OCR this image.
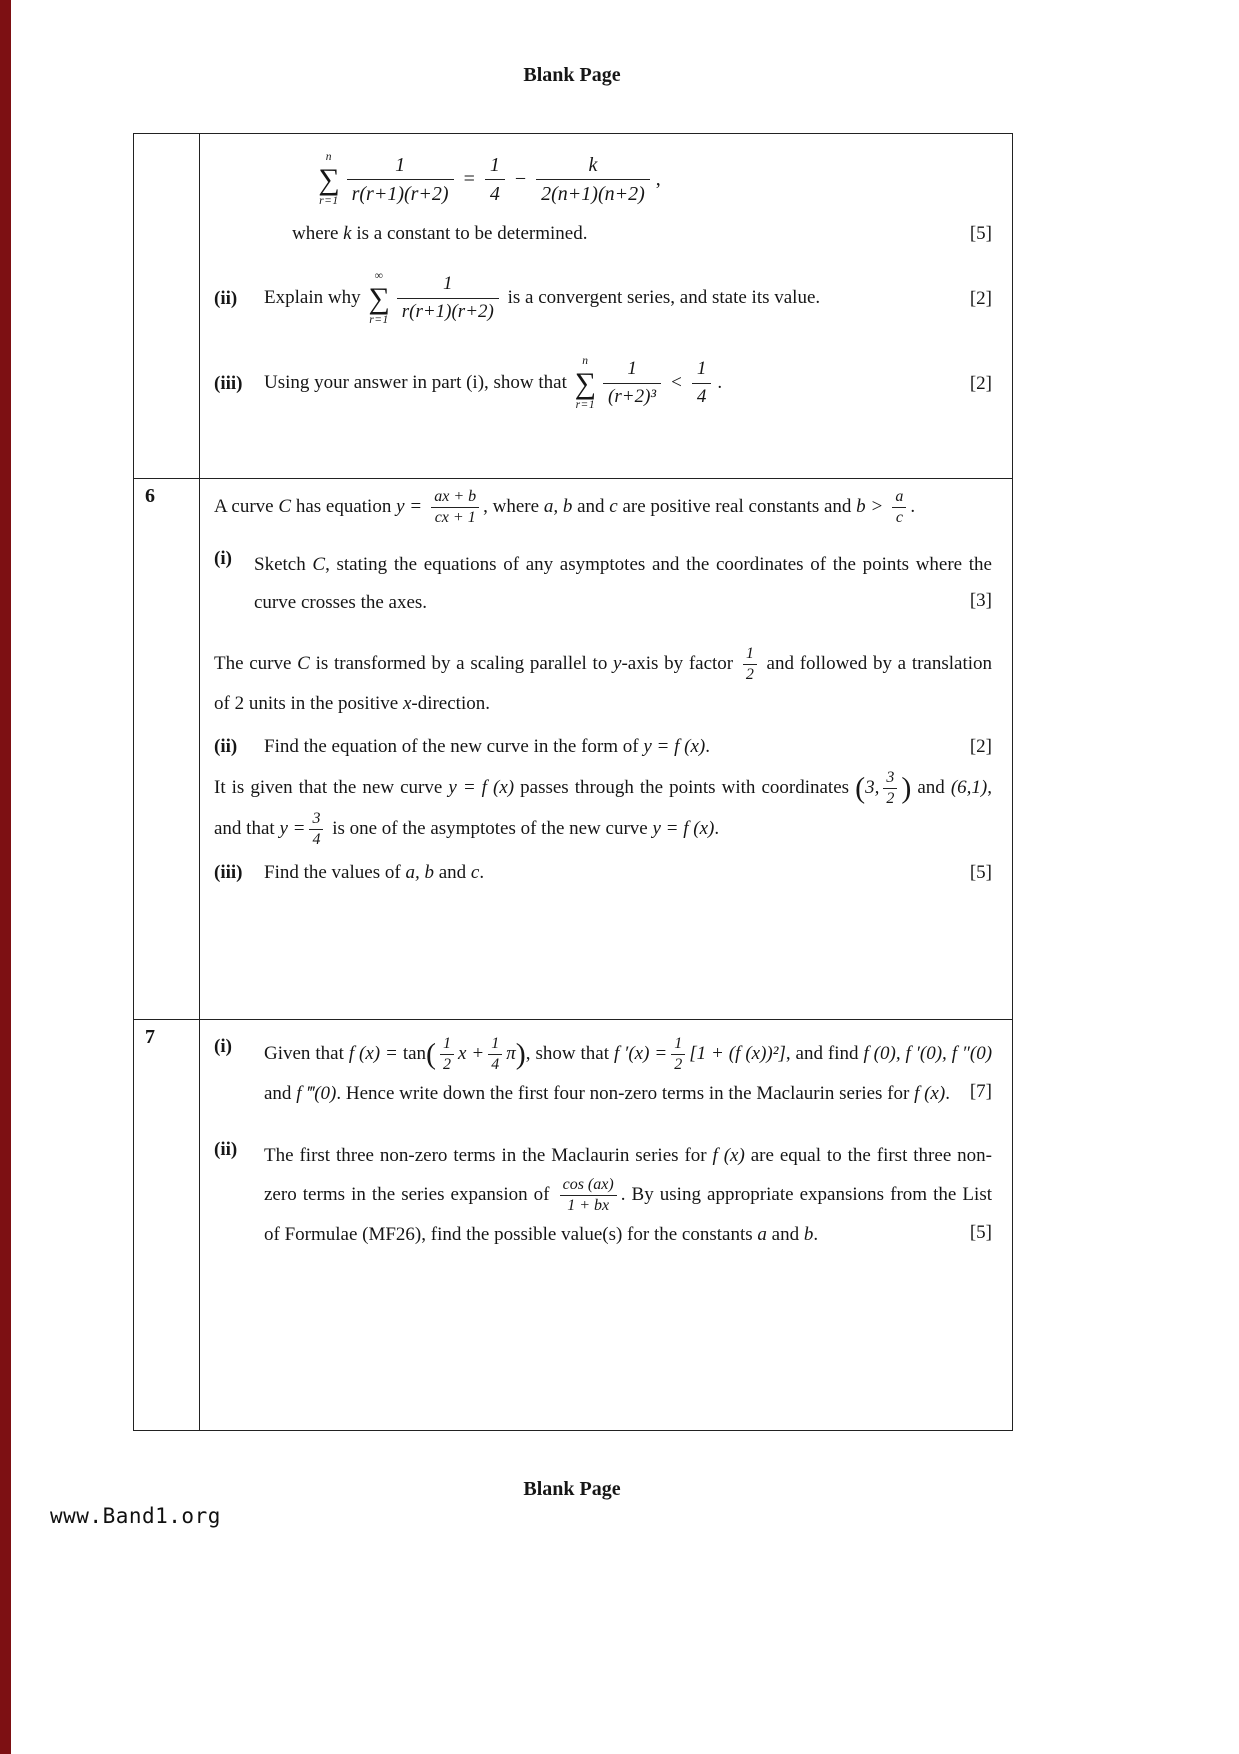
Blank Page
n
∑
$r=1 \frac{1}{r(r+1)(r+2)} = \frac{1}{4} - \frac{k}{2(n+1)(n+2)}$ ,
where k is a constant to be determined.	[5]
(ii)	Explain why
∞
∑
$r=1 \frac{1}{r(r+1)(r+2)}$ is a convergent series, and state its value.	[2]
(iii)	Using your answer in part (i), show that
n
∑
$r=1 \frac{1}{\text{(r+2)³}} < \frac{1}{4}$ .	[2]
6	A curve C has equation $y = \frac{ax + b}{cx + 1}$ , where a, b and c are positive real constants and $b > \frac{a}{c}$ .
(i)	Sketch C, stating the equations of any asymptotes and the coordinates of the points where the curve crosses the axes.	[3]
The curve C is transformed by a scaling parallel to y-axis by factor $\frac{1}{2}$ and followed by a translation of 2 units in the positive x-direction.
(ii)	Find the equation of the new curve in the form of y = f (x).	[2]
It is given that the new curve y = f (x) passes through the points with coordinates (3, $\frac{3}{2}$ ) and (6,1), and that $y = \frac{3}{4}$ is one of the asymptotes of the new curve y = f (x).
(iii)	Find the values of a, b and c.	[5]
7	(i)	Given that f $(x) = \tan( \frac{1}{2}$ $x + \frac{1}{4} \pi$), show that f $'(x) = \frac{1}{2} [1 + (f$ (x))²], and find f (0), f ′(0), f ″(0) and f ‴(0). Hence write down the first four non-zero terms in the Maclaurin series for f (x).	[7]
(ii)	The first three non-zero terms in the Maclaurin series for f (x) are equal to the first three non-zero terms in the series expansion of $\frac{\cos (ax)}{1 + bx}$ . By using appropriate expansions from the List of Formulae (MF26), find the possible value(s) for the constants a and b.	[5]
Blank Page
www.Band1.org
